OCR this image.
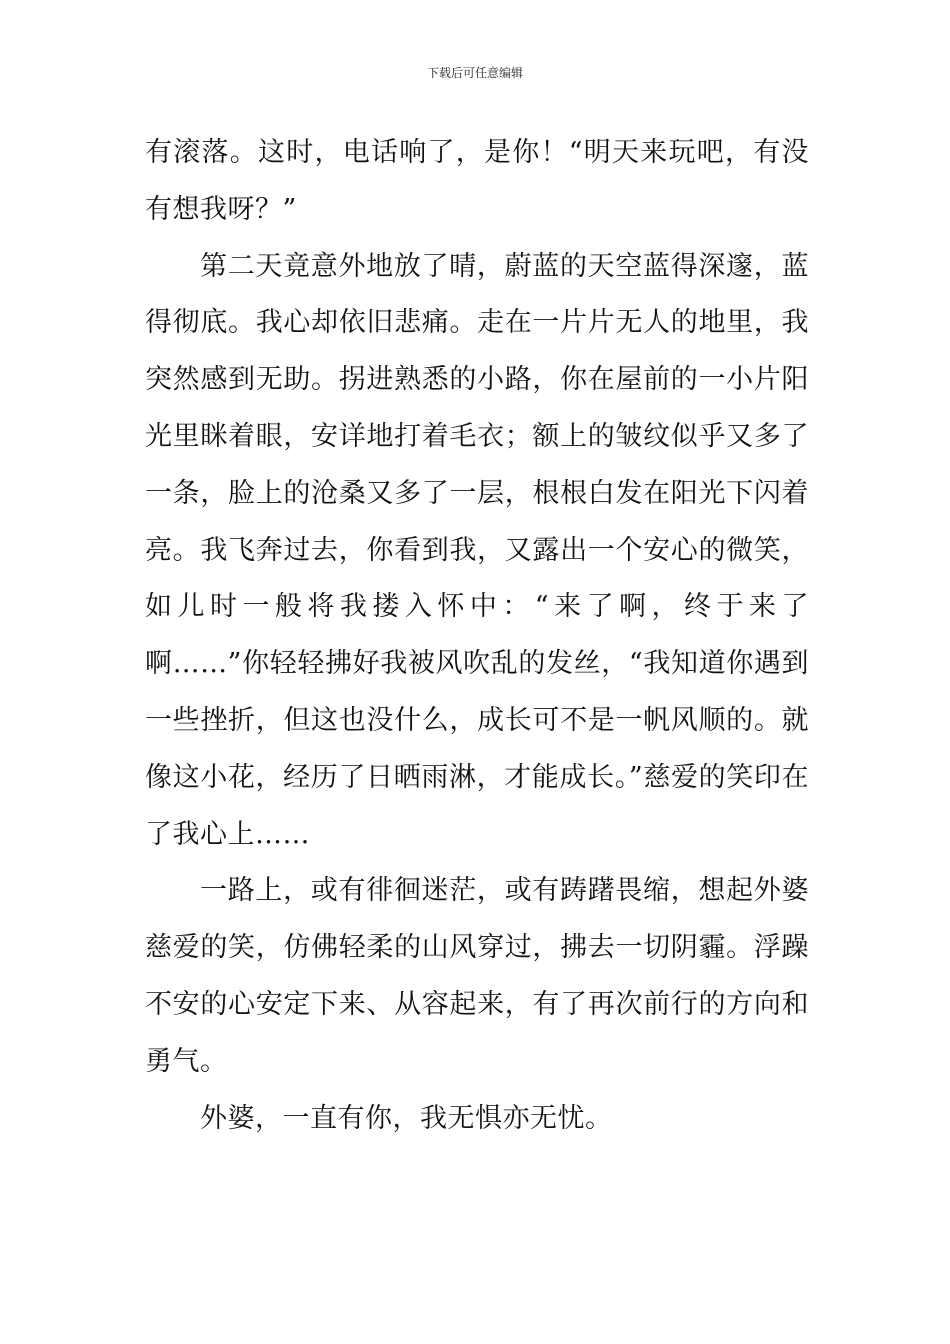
下载后可任意编辑

有滚落。这时，电话响了，是你！“明天来玩吧，有没有想我呀？”

第二天竟意外地放了晴，蔚蓝的天空蓝得深邃，蓝得彻底。我心却依旧悲痛。走在一片片无人的地里，我突然感到无助。拐进熟悉的小路，你在屋前的一小片阳光里眯着眼，安详地打着毛衣；额上的皱纹似乎又多了一条，脸上的沧桑又多了一层，根根白发在阳光下闪着亮。我飞奔过去，你看到我，又露出一个安心的微笑，如儿时一般将我搂入怀中：“来了啊，终于来了啊……”你轻轻拂好我被风吹乱的发丝，“我知道你遇到一些挫折，但这也没什么，成长可不是一帆风顺的。就像这小花，经历了日晒雨淋，才能成长。”慈爱的笑印在了我心上……

一路上，或有徘徊迷茫，或有踌躇畏缩，想起外婆慈爱的笑，仿佛轻柔的山风穿过，拂去一切阴霾。浮躁不安的心安定下来、从容起来，有了再次前行的方向和勇气。

外婆，一直有你，我无惧亦无忧。
